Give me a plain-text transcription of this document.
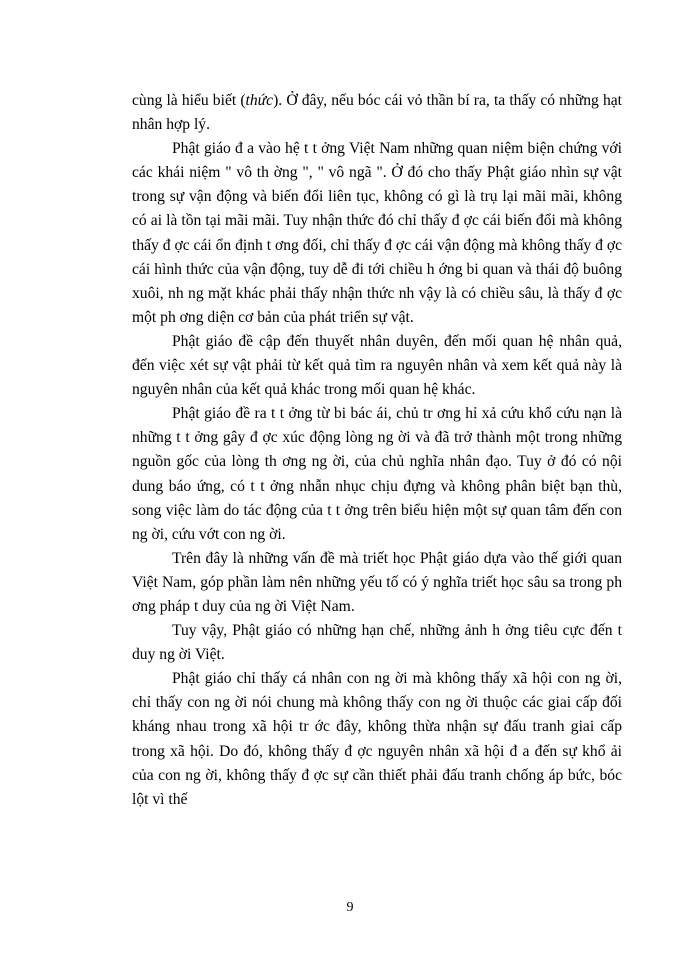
cùng là hiểu biết (thức). Ở đây, nếu bóc cái vỏ thần bí ra, ta thấy có những hạt nhân hợp lý.

Phật giáo đ a vào hệ t t ởng Việt Nam những quan niệm biện chứng với các khái niệm " vô th ờng ", " vô ngã ". Ở đó cho thấy Phật giáo nhìn sự vật trong sự vận động và biến đổi liên tục, không có gì là trụ lại mãi mãi, không có ai là tồn tại mãi mãi. Tuy nhận thức đó chỉ thấy đ ợc cái biến đổi mà không thấy đ ợc cái ổn định t ơng đối, chỉ thấy đ ợc cái vận động mà không thấy đ ợc cái hình thức của vận động, tuy dễ đi tới chiều h ớng bi quan và thái độ buông xuôi, nh ng mặt khác phải thấy nhận thức nh vậy là có chiều sâu, là thấy đ ợc một ph ơng diện cơ bản của phát triển sự vật.

Phật giáo đề cập đến thuyết nhân duyên, đến mối quan hệ nhân quả, đến việc xét sự vật phải từ kết quả tìm ra nguyên nhân và xem kết quả này là nguyên nhân của kết quả khác trong mối quan hệ khác.

Phật giáo đề ra t t ởng từ bi bác ái, chủ tr ơng hỉ xả cứu khổ cứu nạn là những t t ởng gây đ ợc xúc động lòng ng ời và đã trở thành một trong những nguồn gốc của lòng th ơng ng ời, của chủ nghĩa nhân đạo. Tuy ở đó có nội dung báo ứng, có t t ởng nhẫn nhục chịu đựng và không phân biệt bạn thù, song việc làm do tác động của t t ởng trên biểu hiện một sự quan tâm đến con ng ời, cứu vớt con ng ời.

Trên đây là những vấn đề mà triết học Phật giáo dựa vào thế giới quan Việt Nam, góp phần làm nên những yếu tố có ý nghĩa triết học sâu sa trong ph ơng pháp t duy của ng ời Việt Nam.

Tuy vậy, Phật giáo có những hạn chế, những ảnh h ởng tiêu cực đến t duy ng ời Việt.

Phật giáo chỉ thấy cá nhân con ng ời mà không thấy xã hội con ng ời, chỉ thấy con ng ời nói chung mà không thấy con ng ời thuộc các giai cấp đối kháng nhau trong xã hội tr ớc đây, không thừa nhận sự đấu tranh giai cấp trong xã hội. Do đó, không thấy đ ợc nguyên nhân xã hội đ a đến sự khổ ải của con ng ời, không thấy đ ợc sự cần thiết phải đấu tranh chống áp bức, bóc lột vì thế

9
